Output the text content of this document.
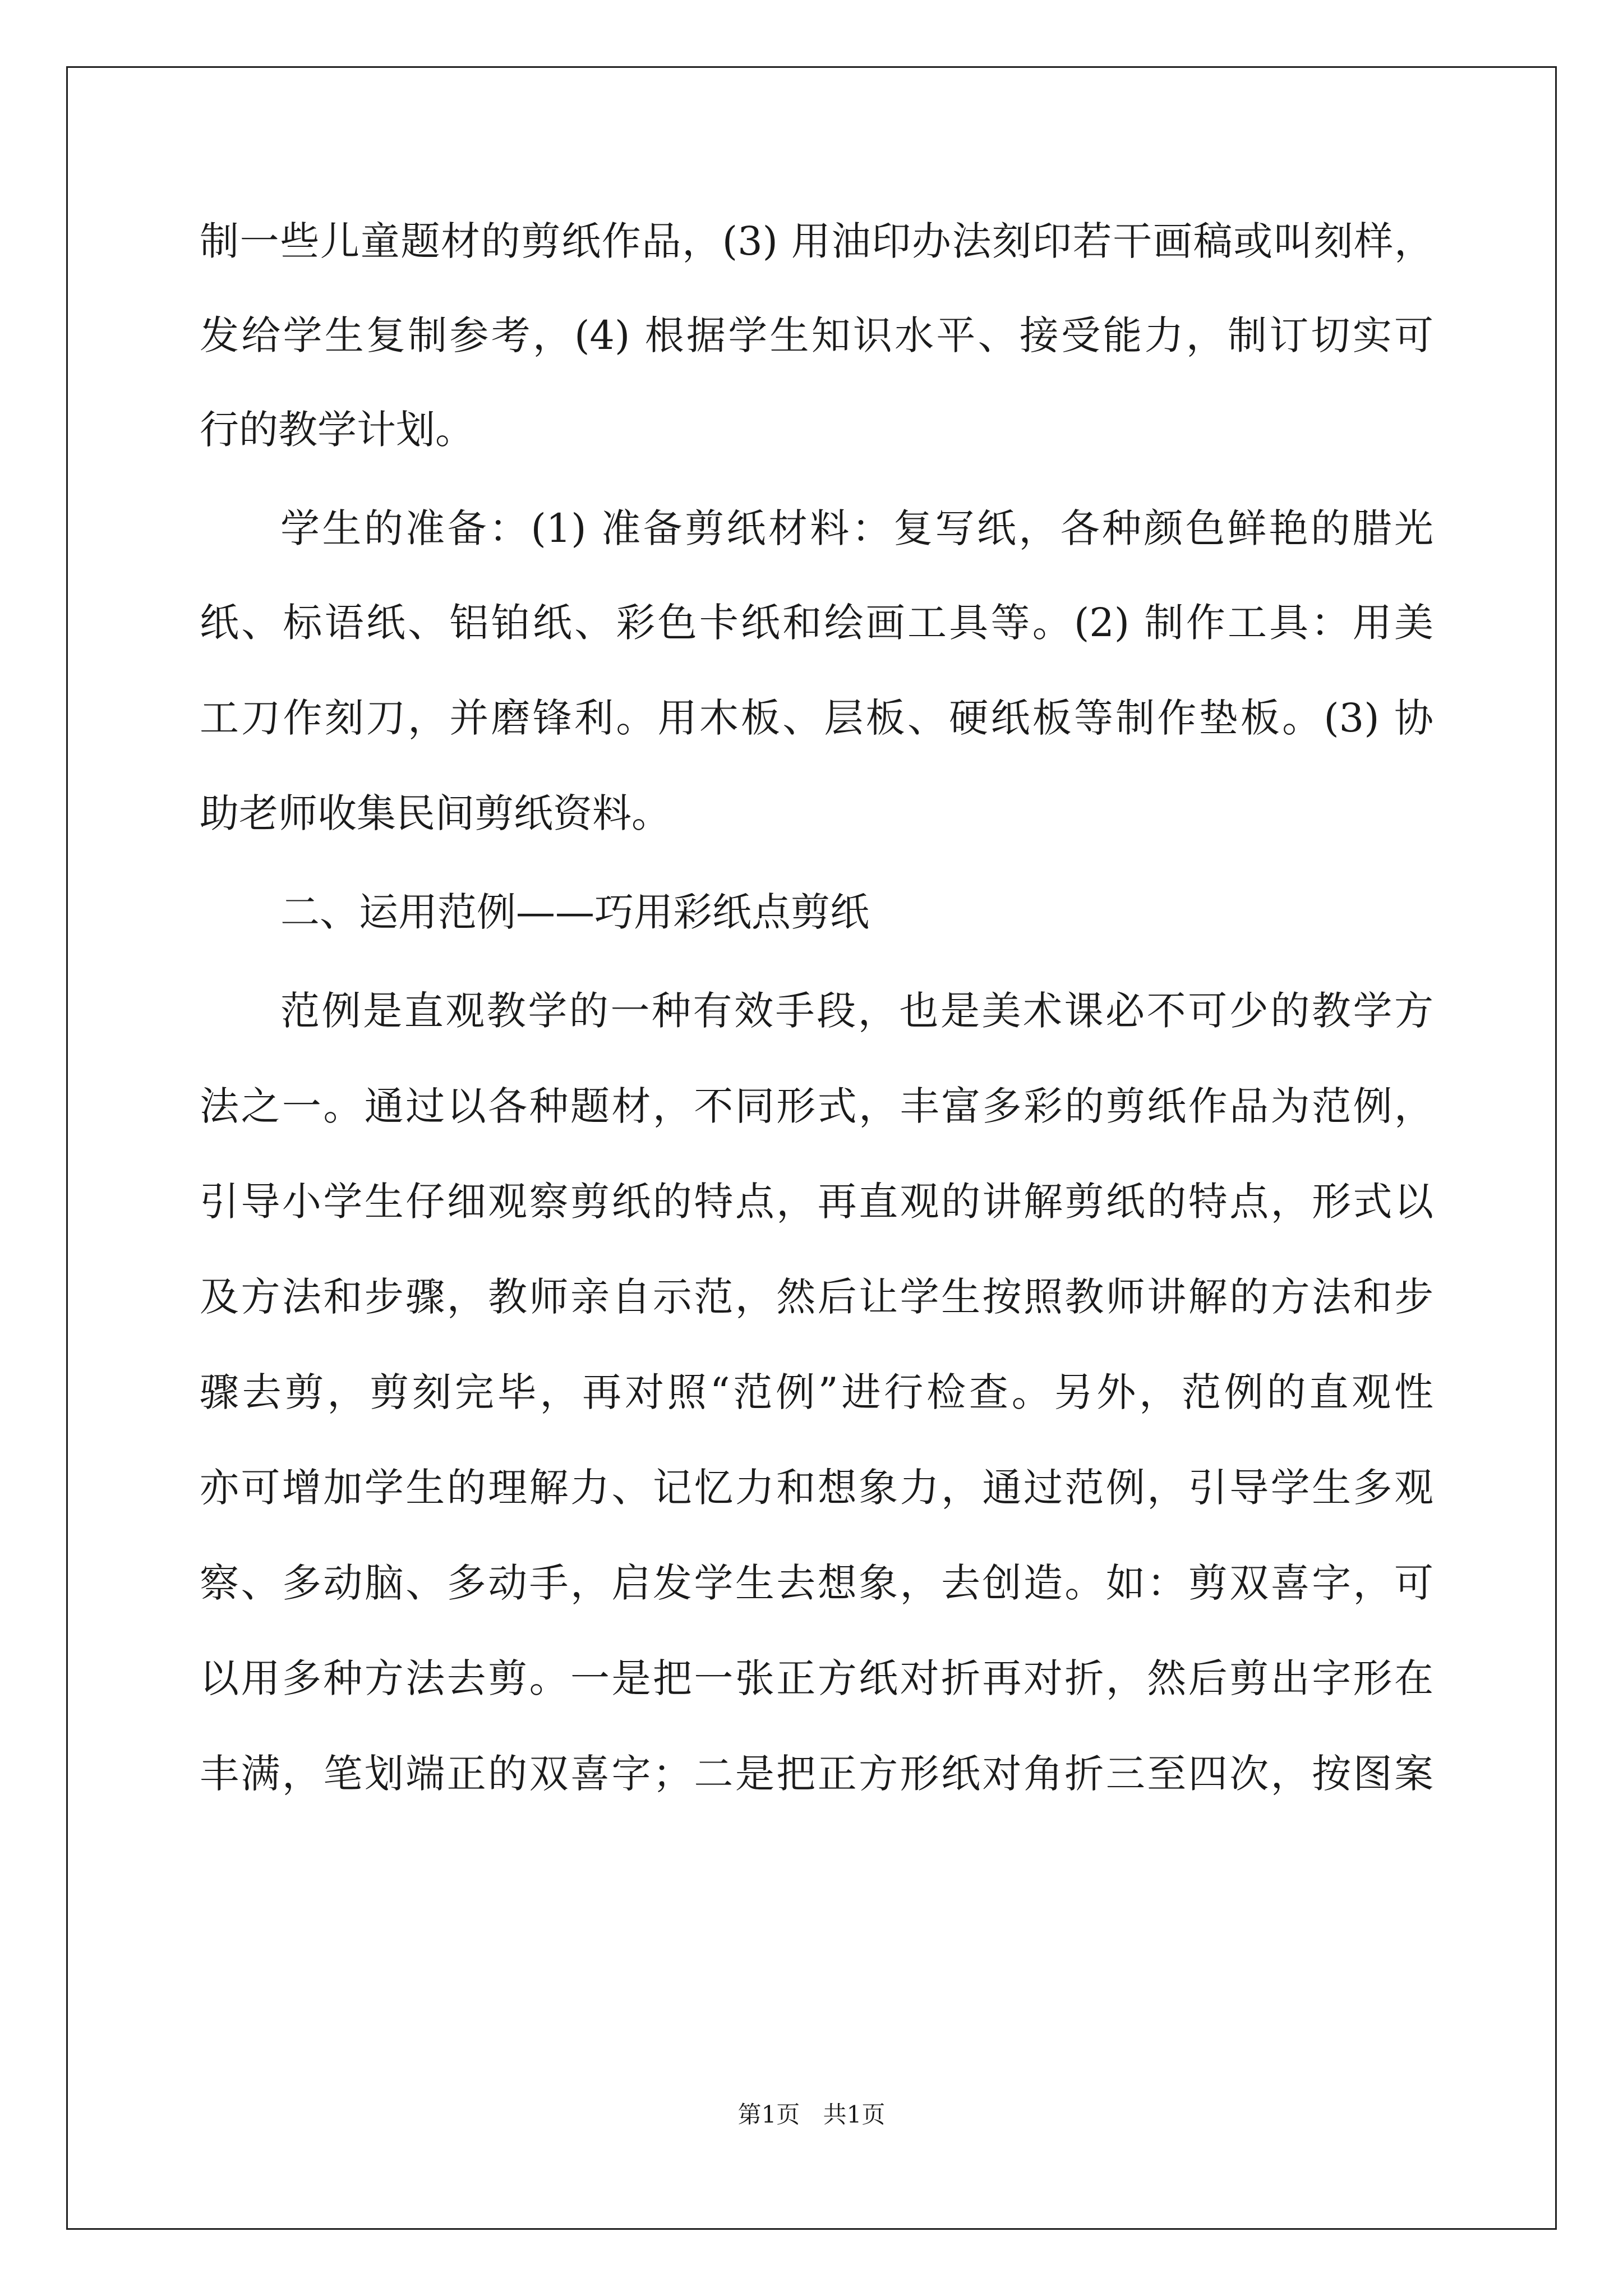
制一些儿童题材的剪纸作品，(3) 用油印办法刻印若干画稿或叫刻样，
发给学生复制参考，(4) 根据学生知识水平、接受能力，制订切实可
行的教学计划。
学生的准备：(1) 准备剪纸材料：复写纸，各种颜色鲜艳的腊光
纸、标语纸、铝铂纸、彩色卡纸和绘画工具等。(2) 制作工具：用美
工刀作刻刀，并磨锋利。用木板、层板、硬纸板等制作垫板。(3) 协
助老师收集民间剪纸资料。
二、运用范例——巧用彩纸点剪纸
范例是直观教学的一种有效手段，也是美术课必不可少的教学方
法之一。通过以各种题材，不同形式，丰富多彩的剪纸作品为范例，
引导小学生仔细观察剪纸的特点，再直观的讲解剪纸的特点，形式以
及方法和步骤，教师亲自示范，然后让学生按照教师讲解的方法和步
骤去剪，剪刻完毕，再对照“范例”进行检查。另外，范例的直观性
亦可增加学生的理解力、记忆力和想象力，通过范例，引导学生多观
察、多动脑、多动手，启发学生去想象，去创造。如：剪双喜字，可
以用多种方法去剪。一是把一张正方纸对折再对折，然后剪出字形在
丰满，笔划端正的双喜字；二是把正方形纸对角折三至四次，按图案
第1页 共1页
